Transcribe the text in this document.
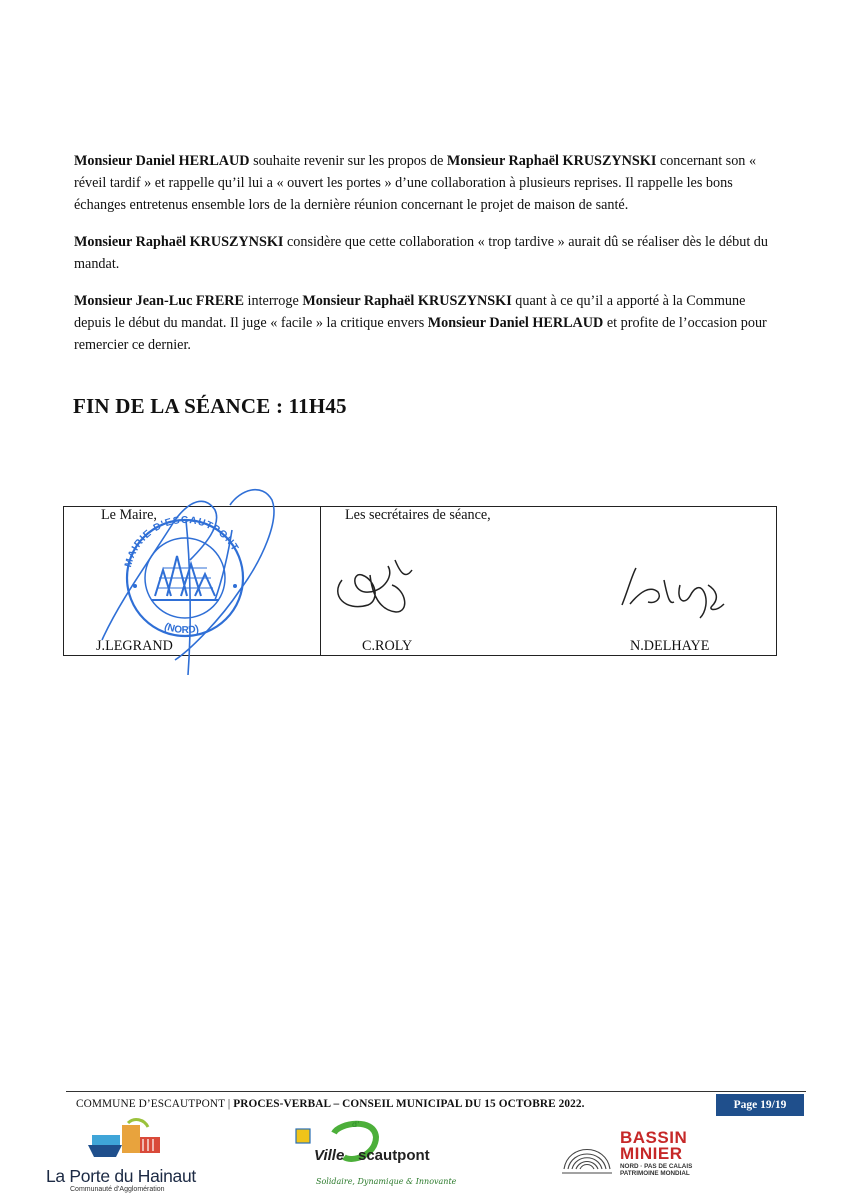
Monsieur Daniel HERLAUD souhaite revenir sur les propos de Monsieur Raphaël KRUSZYNSKI concernant son « réveil tardif » et rappelle qu’il lui a « ouvert les portes » d’une collaboration à plusieurs reprises. Il rappelle les bons échanges entretenus ensemble lors de la dernière réunion concernant le projet de maison de santé.
Monsieur Raphaël KRUSZYNSKI considère que cette collaboration « trop tardive » aurait dû se réaliser dès le début du mandat.
Monsieur Jean-Luc FRERE interroge Monsieur Raphaël KRUSZYNSKI quant à ce qu’il a apporté à la Commune depuis le début du mandat. Il juge « facile » la critique envers Monsieur Daniel HERLAUD et profite de l’occasion pour remercier ce dernier.
FIN DE LA SÉANCE : 11H45
Le Maire,	Les secrétaires de séance,
J.LEGRAND	C.ROLY	N.DELHAYE
MAIRIE D'ESCAUTPONT
(NORD)
COMMUNE D’ESCAUTPONT | PROCES-VERBAL – CONSEIL MUNICIPAL DU 15 OCTOBRE 2022.	Page 19/19
La Porte du Hainaut
Communauté d’Agglomération
d'
Ville scautpont
Solidaire, Dynamique & Innovante
BASSIN
MINIER
NORD · PAS DE CALAIS
PATRIMOINE MONDIAL
